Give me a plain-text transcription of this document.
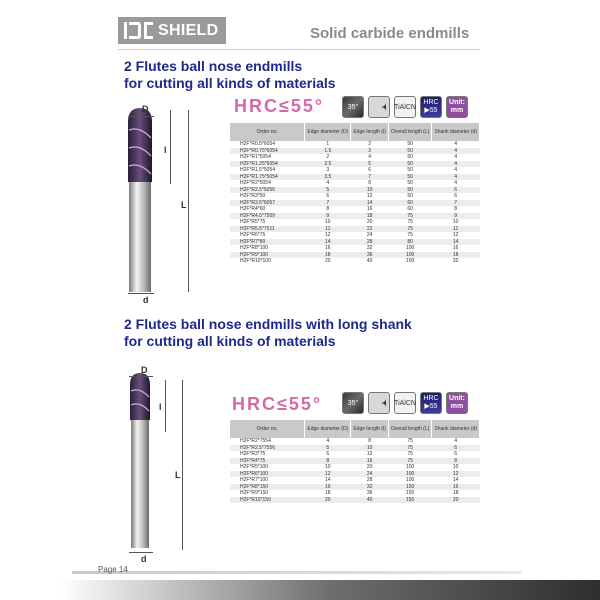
SHIELD	Solid carbide endmills
2 Flutes ball nose endmills
for cutting all kinds of materials
D
l
L
d
HRC≤55°	35°	TiAlCN
HRC
▶55
Unit:
mm
Order no.	Edge diameter (D)	Edge length (l)	Overall length (L)	Shank diameter (d)
H2F*R0.5*6054	1	2	50	4
H2F*R0.75*6054	1.5	3	50	4
H2F*R1*5054	2	4	50	4
H2F*R1.25*5054	2.5	5	50	4
H2F*R1.5*5054	3	6	50	4
H2F*R1.75*5054	3.5	7	50	4
H2F*R2*5054	4	8	50	4
H2F*R2.5*5056	5	10	50	6
H2F*R3*50	6	12	50	6
H2F*R3.5*6057	7	14	60	7
H2F*R4*60	8	16	60	8
H2F*R4.5*7509	9	18	75	9
H2F*R5*75	10	20	75	10
H2F*R5.5*7511	11	22	75	11
H2F*R6*75	12	24	75	12
H2F*R7*80	14	28	80	14
H2F*R8*100	16	32	100	16
H2F*R9*100	18	36	100	18
H2F*R10*100	20	40	100	20
2 Flutes ball nose endmills with long shank
for cutting all kinds of materials
D
l
L
d
HRC≤55°	35°	TiAlCN
HRC
▶55
Unit:
mm
Order no.	Edge diameter (D)	Edge length (l)	Overall length (L)	Shank diameter (d)
H2F*R2*7554	4	8	75	4
H2F*R2.5*7556	5	10	75	6
H2F*R3*75	6	12	75	6
H2F*R4*75	8	16	75	8
H2F*R5*100	10	20	100	10
H2F*R6*100	12	24	100	12
H2F*R7*100	14	28	100	14
H2F*R8*150	16	32	150	16
H2F*R9*150	18	36	150	18
H2F*R10*150	20	40	150	20
Page 14
